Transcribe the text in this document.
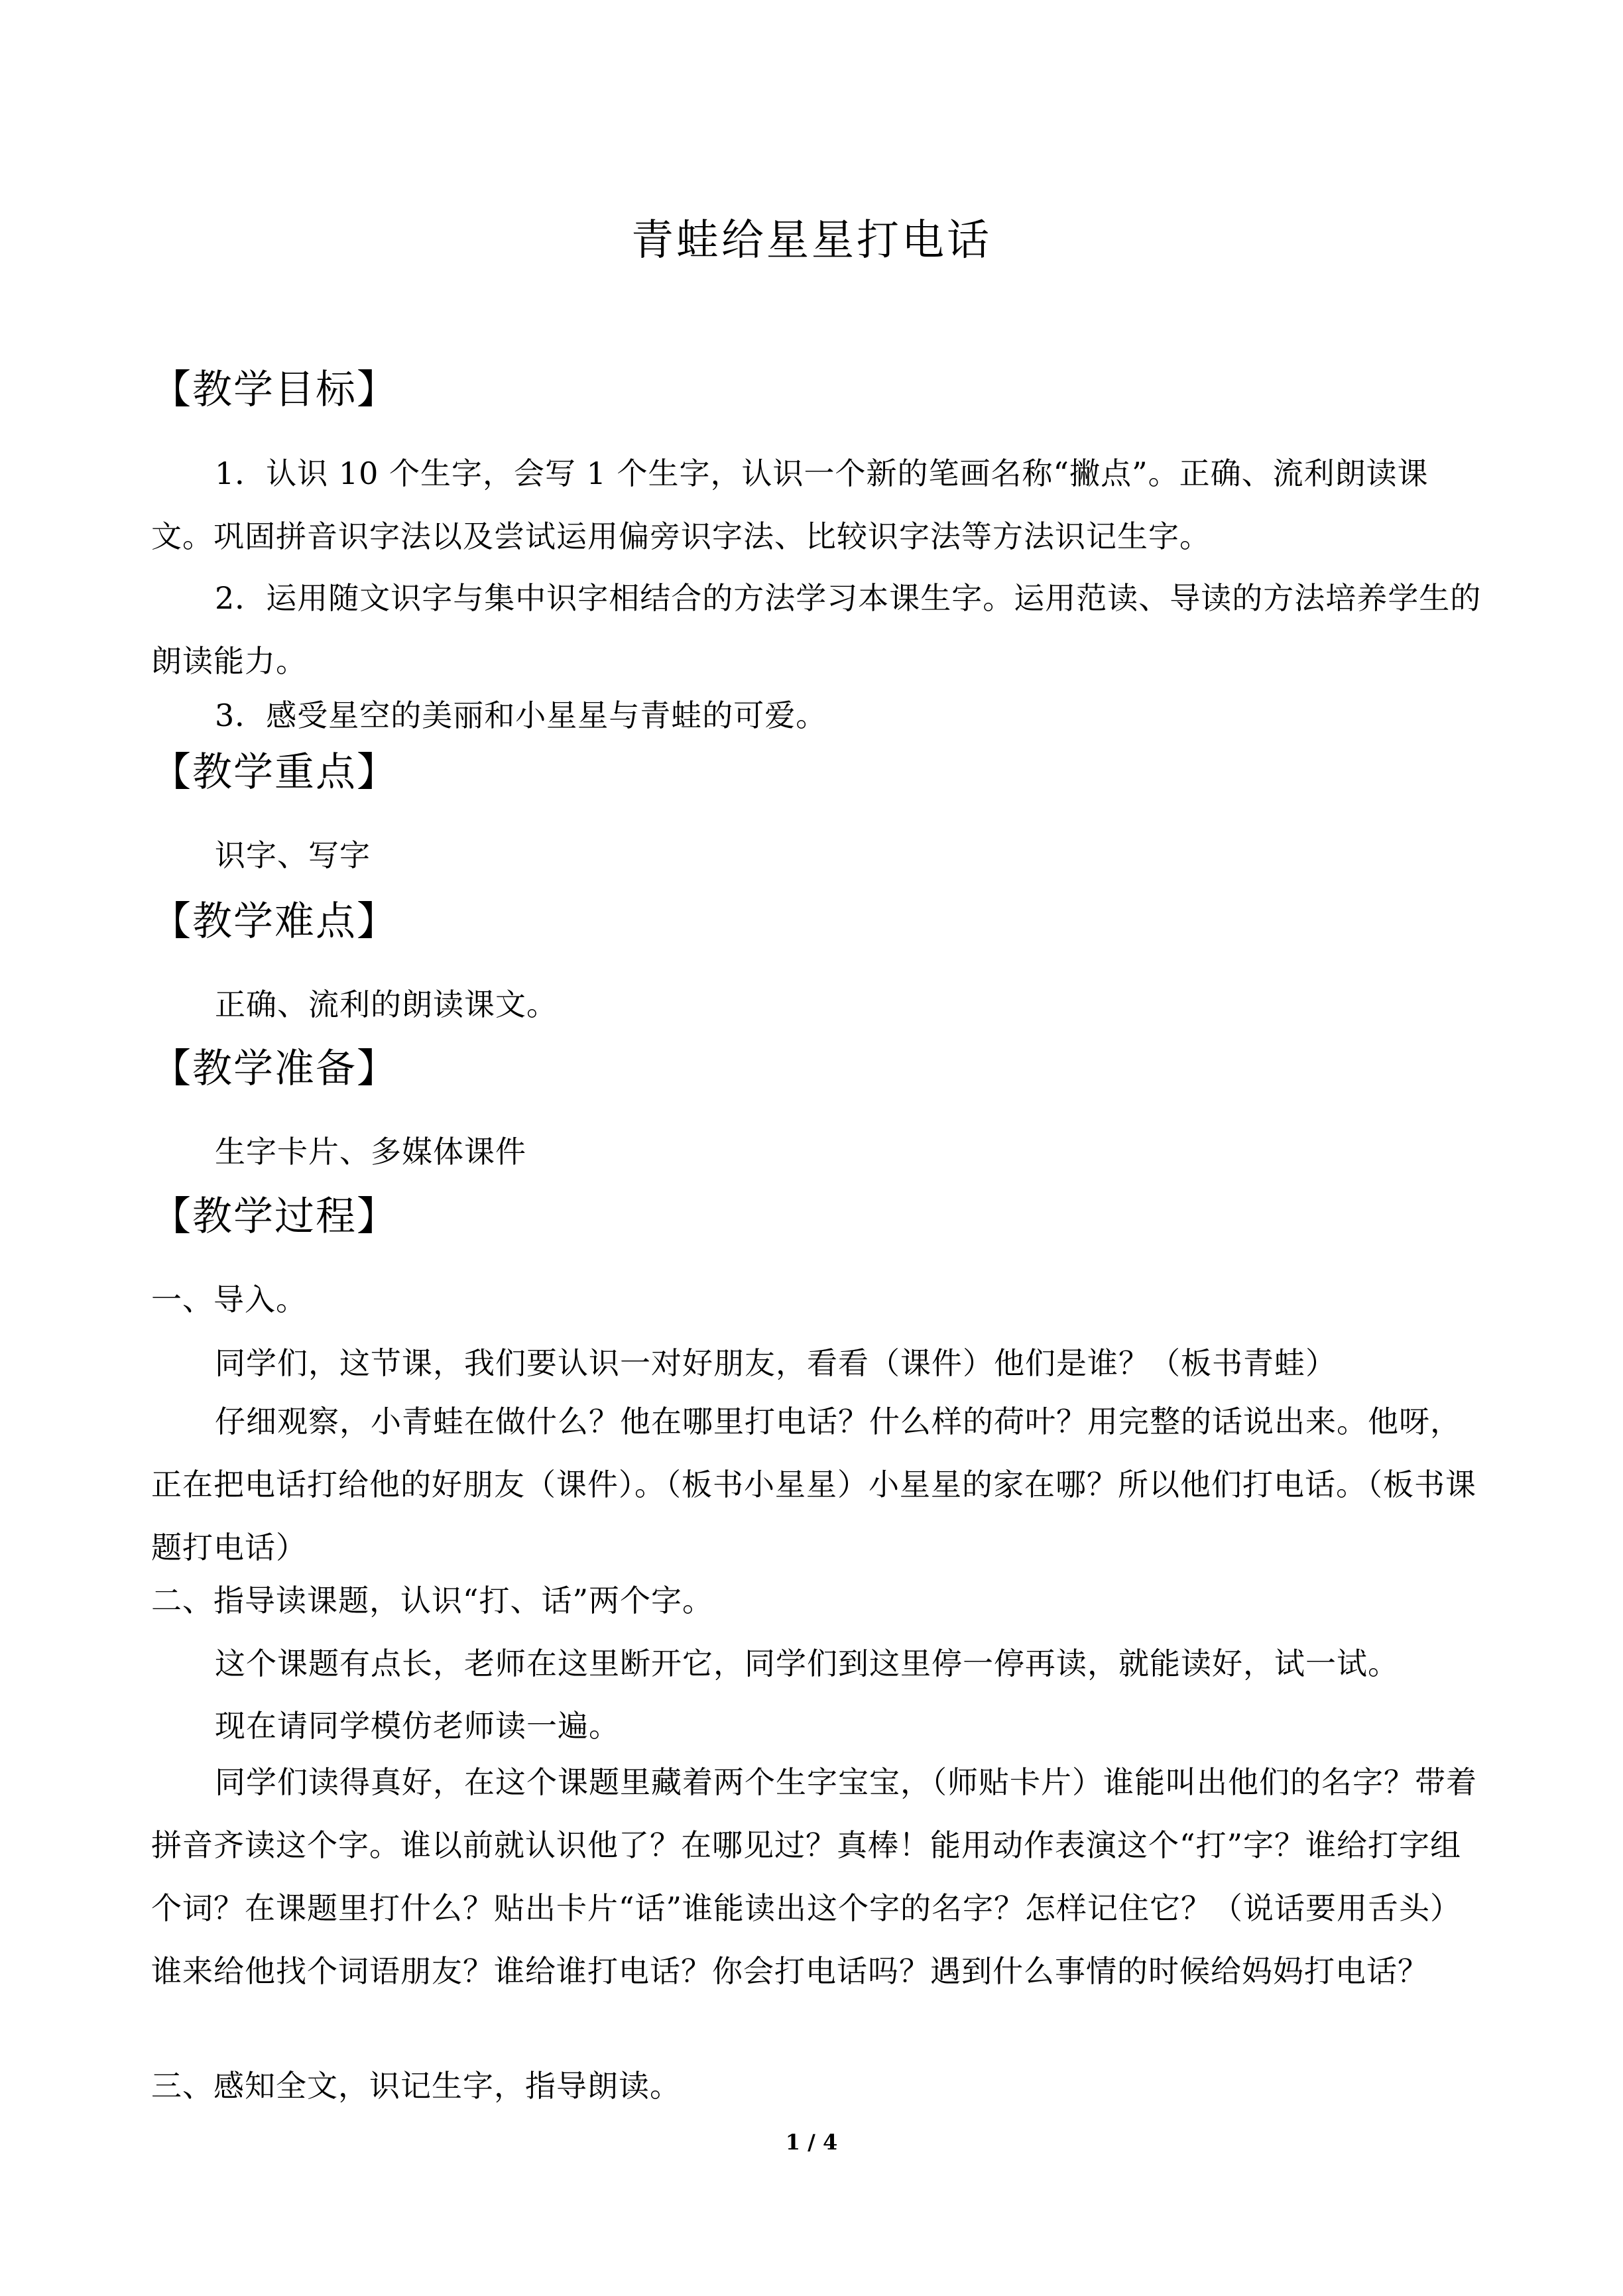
青蛙给星星打电话
【教学目标】
1．认识 10 个生字，会写 1 个生字，认识一个新的笔画名称“撇点”。正确、流利朗读课文。巩固拼音识字法以及尝试运用偏旁识字法、比较识字法等方法识记生字。
2．运用随文识字与集中识字相结合的方法学习本课生字。运用范读、导读的方法培养学生的朗读能力。
3．感受星空的美丽和小星星与青蛙的可爱。
【教学重点】
识字、写字
【教学难点】
正确、流利的朗读课文。
【教学准备】
生字卡片、多媒体课件
【教学过程】
一、导入。
同学们，这节课，我们要认识一对好朋友，看看（课件）他们是谁？（板书青蛙）
仔细观察，小青蛙在做什么？他在哪里打电话？什么样的荷叶？用完整的话说出来。他呀，正在把电话打给他的好朋友（课件）。（板书小星星）小星星的家在哪？所以他们打电话。（板书课题打电话）
二、指导读课题，认识“打、话”两个字。
这个课题有点长，老师在这里断开它，同学们到这里停一停再读，就能读好，试一试。
现在请同学模仿老师读一遍。
同学们读得真好，在这个课题里藏着两个生字宝宝，（师贴卡片）谁能叫出他们的名字？带着拼音齐读这个字。谁以前就认识他了？在哪见过？真棒！能用动作表演这个“打”字？谁给打字组个词？在课题里打什么？贴出卡片“话”谁能读出这个字的名字？怎样记住它？（说话要用舌头）谁来给他找个词语朋友？谁给谁打电话？你会打电话吗？遇到什么事情的时候给妈妈打电话？
三、感知全文，识记生字，指导朗读。
1 / 4
